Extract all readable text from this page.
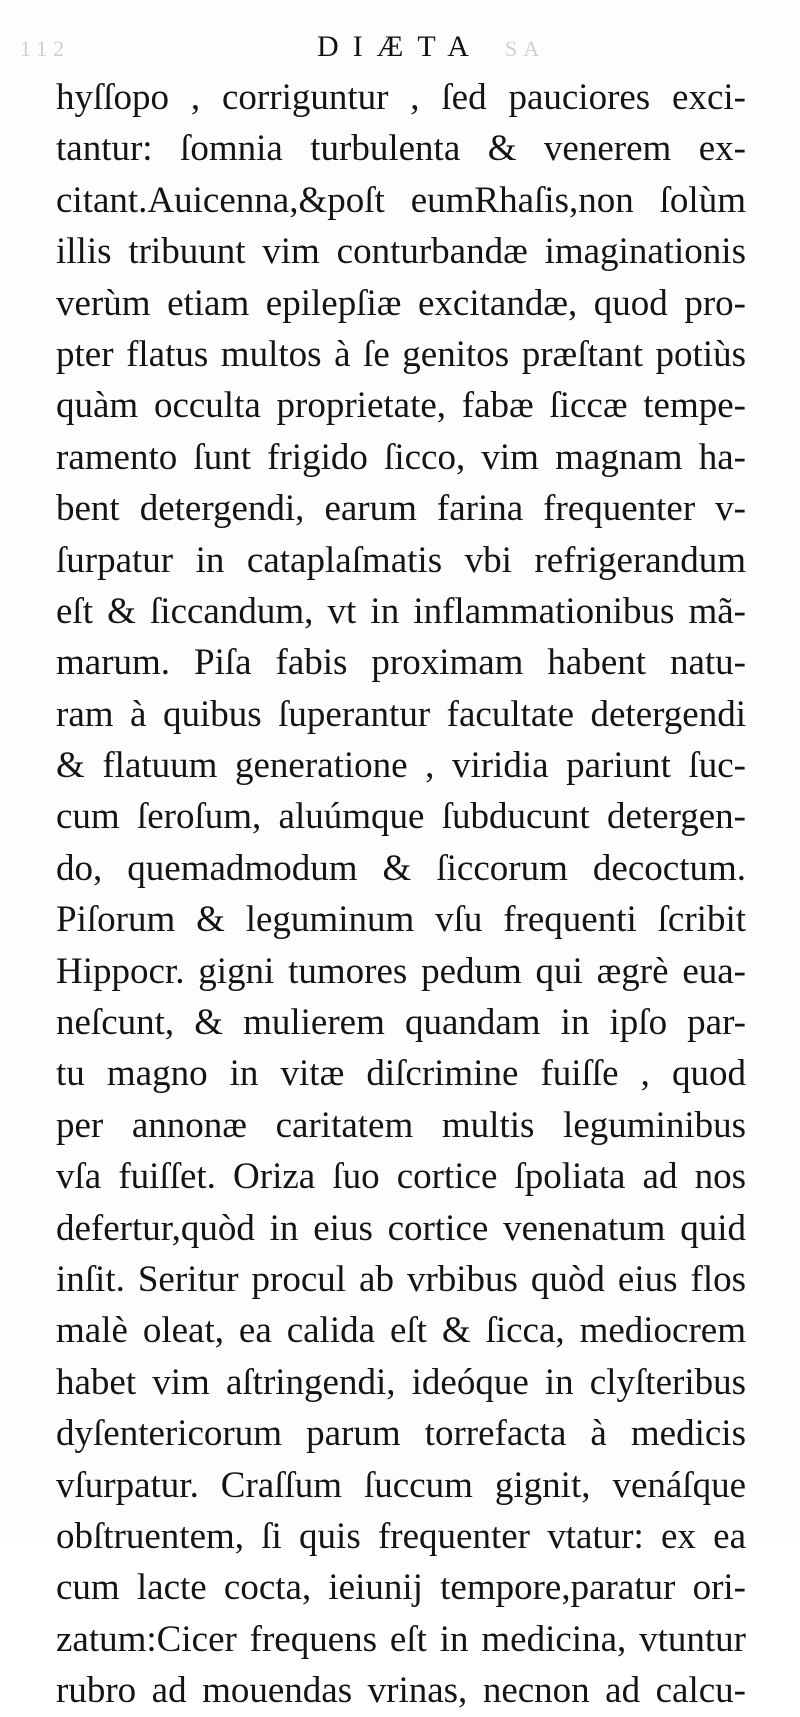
112	SA
DIÆTA
hyſſopo , corriguntur , ſed pauciores exci-
tantur: ſomnia turbulenta & venerem ex-
citant.Auicenna,&poſt eumRhaſis,non ſolùm
illis tribuunt vim conturbandæ imaginationis
verùm etiam epilepſiæ excitandæ, quod pro-
pter flatus multos à ſe genitos præſtant potiùs
quàm occulta proprietate, fabæ ſiccæ tempe-
ramento ſunt frigido ſicco, vim magnam ha-
bent detergendi, earum farina frequenter v-
ſurpatur in cataplaſmatis vbi refrigerandum
eſt & ſiccandum, vt in inflammationibus mã-
marum. Piſa fabis proximam habent natu-
ram à quibus ſuperantur facultate detergendi
& flatuum generatione , viridia pariunt ſuc-
cum ſeroſum, aluúmque ſubducunt detergen-
do, quemadmodum & ſiccorum decoctum.
Piſorum & leguminum vſu frequenti ſcribit
Hippocr. gigni tumores pedum qui ægrè eua-
neſcunt, & mulierem quandam in ipſo par-
tu magno in vitæ diſcrimine fuiſſe , quod
per annonæ caritatem multis leguminibus
vſa fuiſſet. Oriza ſuo cortice ſpoliata ad nos
defertur,quòd in eius cortice venenatum quid
inſit. Seritur procul ab vrbibus quòd eius flos
malè oleat, ea calida eſt & ſicca, mediocrem
habet vim aſtringendi, ideóque in clyſteribus
dyſentericorum parum torrefacta à medicis
vſurpatur. Craſſum ſuccum gignit, venáſque
obſtruentem, ſi quis frequenter vtatur: ex ea
cum lacte cocta, ieiunij tempore,paratur ori-
zatum:Cicer frequens eſt in medicina, vtuntur
rubro ad mouendas vrinas, necnon ad calcu-
